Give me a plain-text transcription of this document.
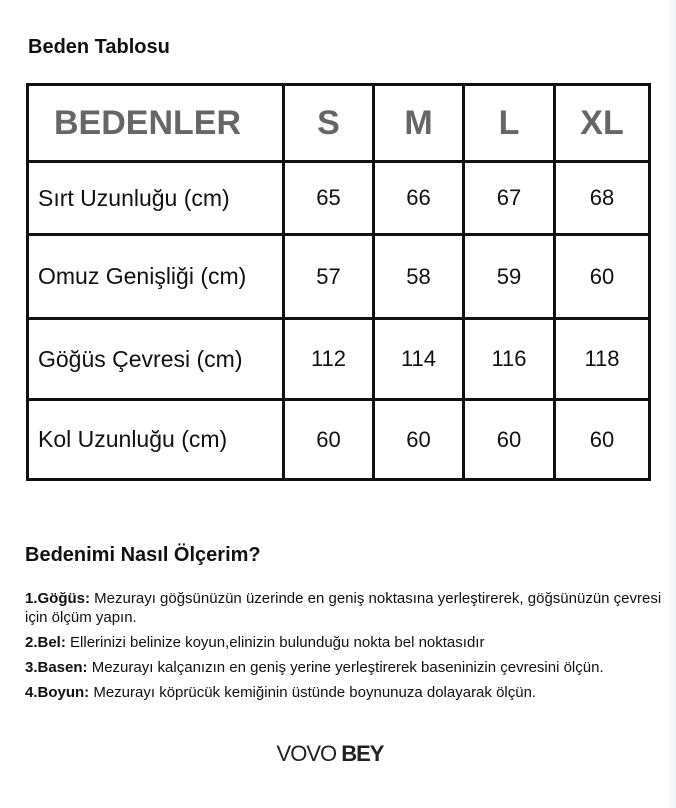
Beden Tablosu
BEDENLER	S	M	L	XL
Sırt Uzunluğu (cm)	65	66	67	68
Omuz Genişliği (cm)	57	58	59	60
Göğüs Çevresi (cm)	112	114	116	118
Kol Uzunluğu (cm)	60	60	60	60
Bedenimi Nasıl Ölçerim?

1.Göğüs: Mezurayı göğsünüzün üzerinde en geniş noktasına yerleştirerek, göğsünüzün çevresi için ölçüm yapın.

2.Bel: Ellerinizi belinize koyun,elinizin bulunduğu nokta bel noktasıdır

3.Basen: Mezurayı kalçanızın en geniş yerine yerleştirerek baseninizin çevresini ölçün.

4.Boyun: Mezurayı köprücük kemiğinin üstünde boynunuza dolayarak ölçün.

VOVO BEY
